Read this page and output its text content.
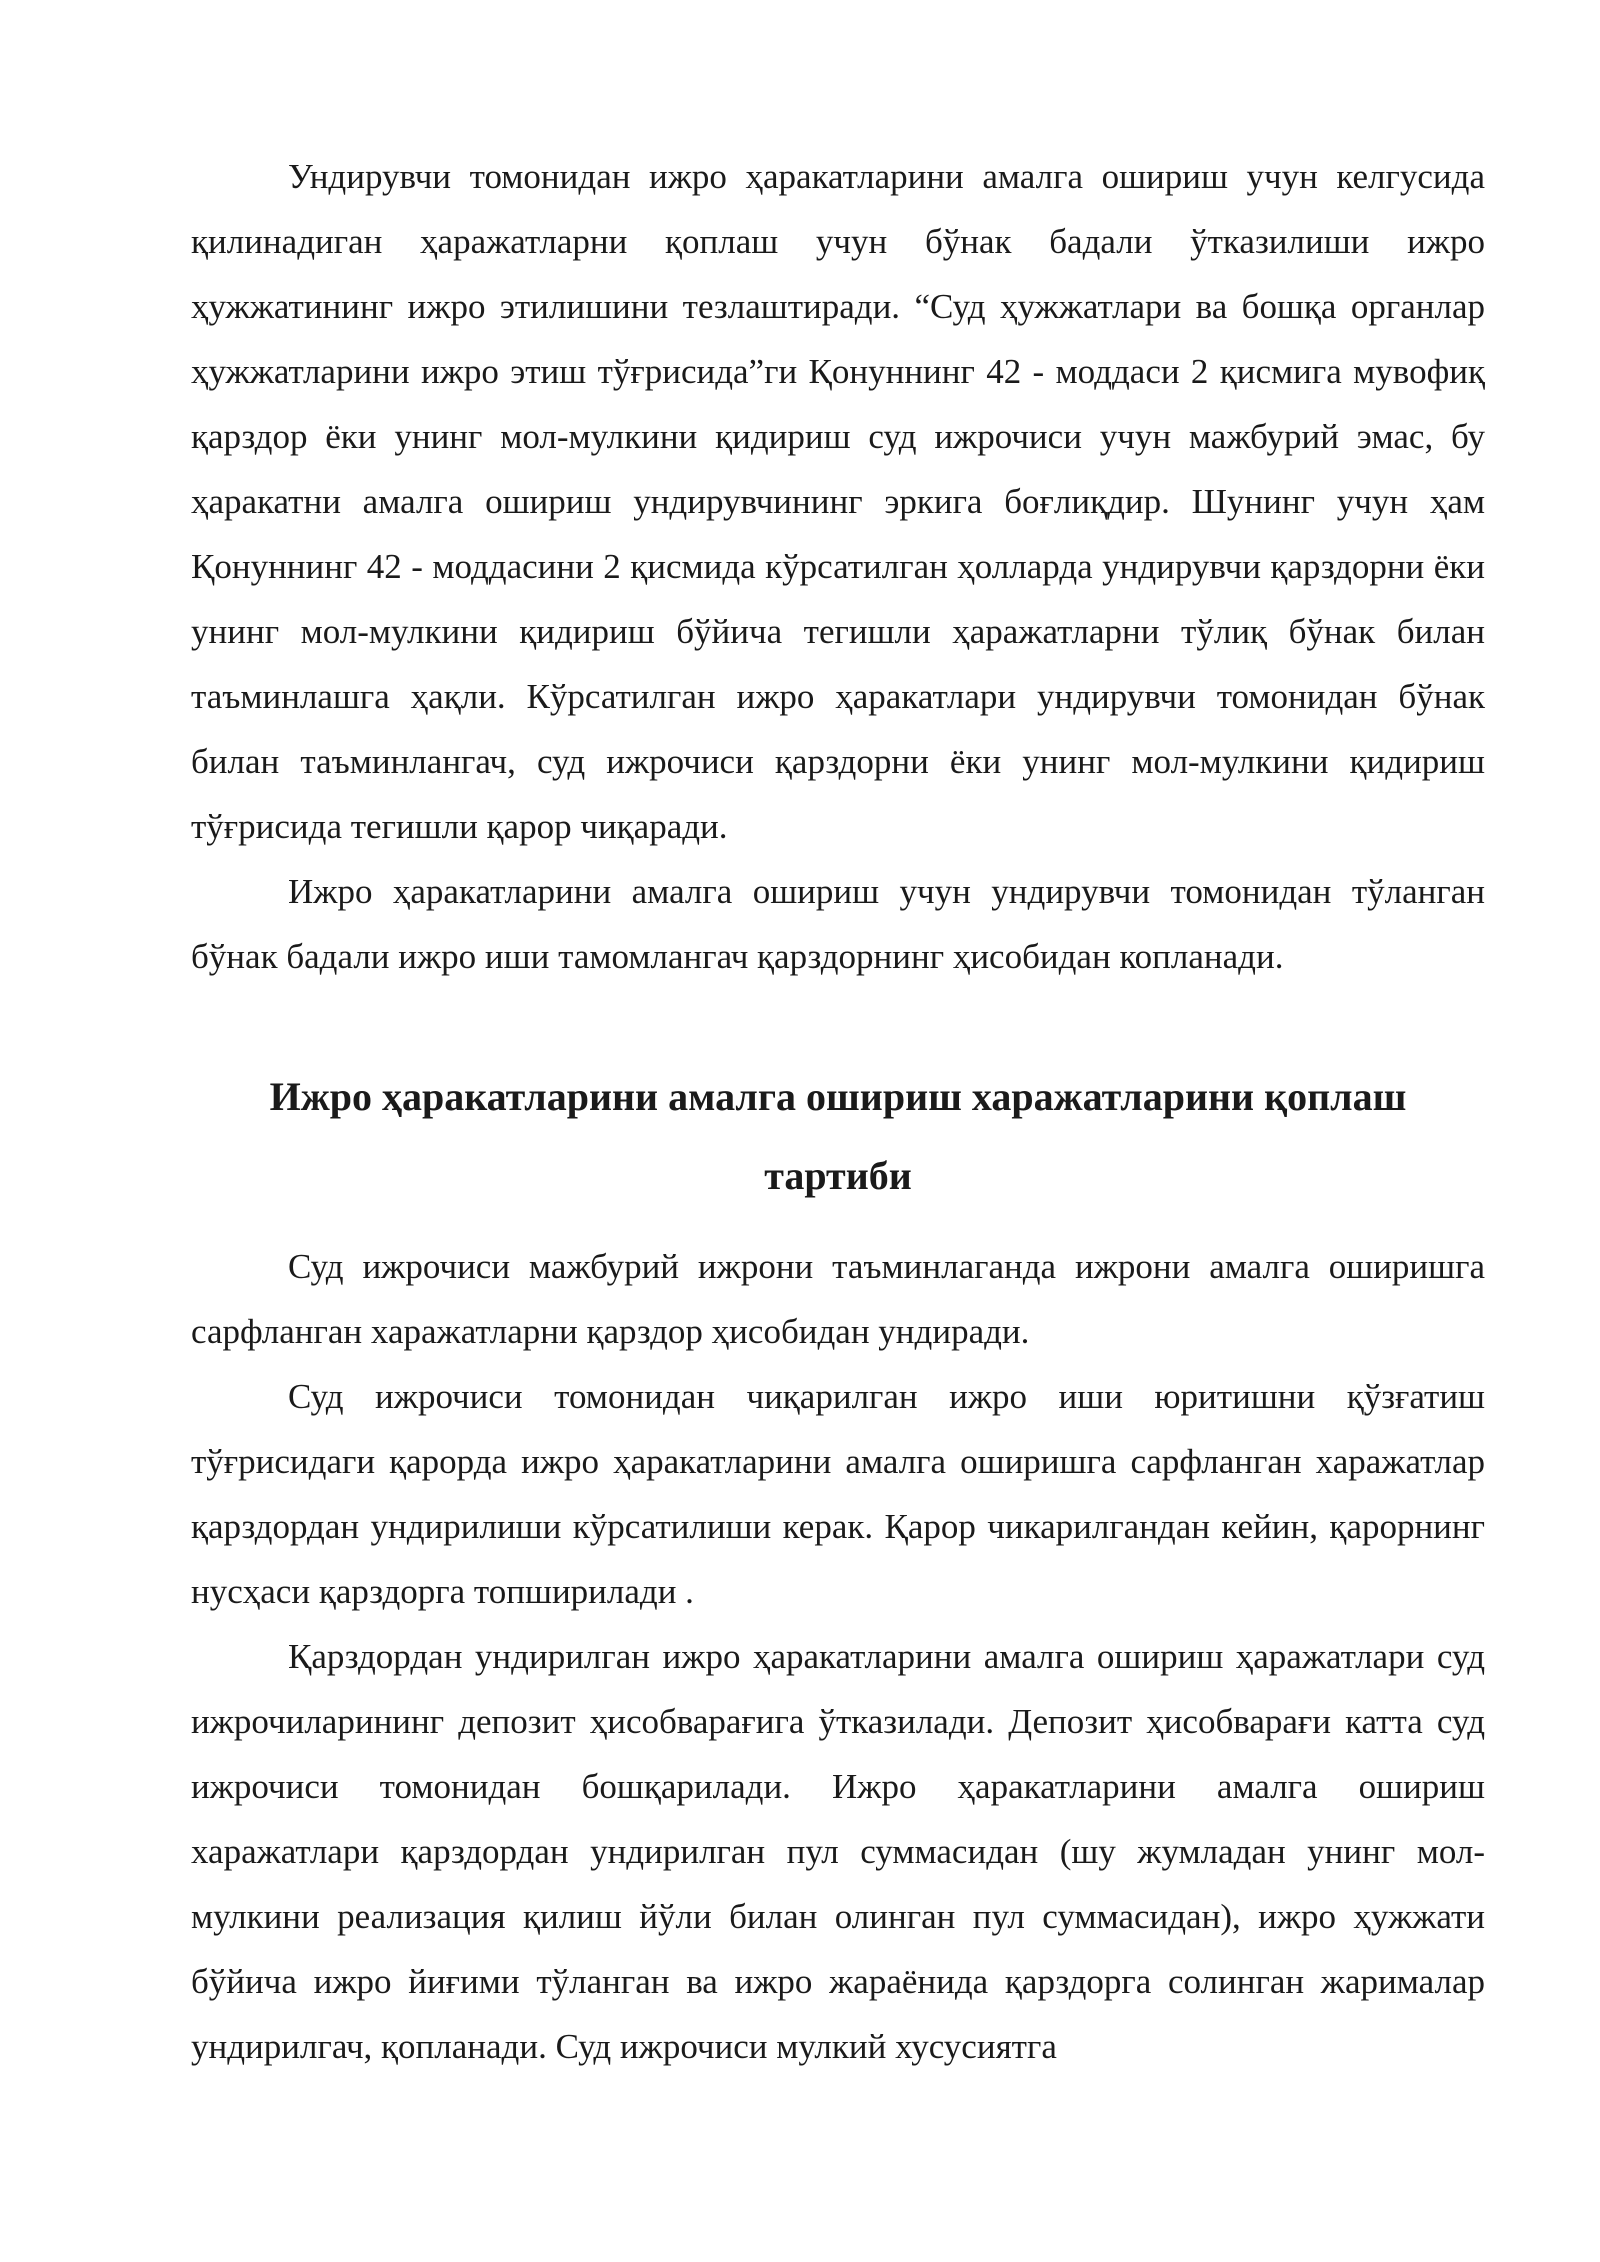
Ундирувчи томонидан ижро ҳаракатларини амалга ошириш учун келгусида қилинадиган ҳаражатларни қоплаш учун бўнак бадали ўтказилиши ижро ҳужжатининг ижро этилишини тезлаштиради. “Суд ҳужжатлари ва бошқа органлар ҳужжатларини ижро этиш тўғрисида”ги Қонуннинг 42 - моддаси 2 қисмига мувофиқ қарздор ёки унинг мол-мулкини қидириш суд ижрочиси учун мажбурий эмас, бу ҳаракатни амалга ошириш ундирувчининг эркига боғлиқдир. Шунинг учун ҳам Қонуннинг 42 - моддасини 2 қисмида кўрсатилган ҳолларда ундирувчи қарздорни ёки унинг мол-мулкини қидириш бўйича тегишли ҳаражатларни тўлиқ бўнак билан таъминлашга ҳақли. Кўрсатилган ижро ҳаракатлари ундирувчи томонидан бўнак билан таъминлангач, суд ижрочиси қарздорни ёки унинг мол-мулкини қидириш тўғрисида тегишли қарор чиқаради.

Ижро ҳаракатларини амалга ошириш учун ундирувчи томонидан тўланган бўнак бадали ижро иши тамомлангач қарздорнинг ҳисобидан копланади.

Ижро ҳаракатларини амалга ошириш харажатларини қоплаш тартиби

Суд ижрочиси мажбурий ижрони таъминлаганда ижрони амалга оширишга сарфланган харажатларни қарздор ҳисобидан ундиради.

Суд ижрочиси томонидан чиқарилган ижро иши юритишни қўзғатиш тўғрисидаги қарорда ижро ҳаракатларини амалга оширишга сарфланган харажатлар қарздордан ундирилиши кўрсатилиши керак. Қарор чикарилгандан кейин, қарорнинг нусҳаси қарздорга топширилади .

Қарздордан ундирилган ижро ҳаракатларини амалга ошириш ҳаражатлари суд ижрочиларининг депозит ҳисобварағига ўтказилади. Депозит ҳисобварағи катта суд ижрочиси томонидан бошқарилади. Ижро ҳаракатларини амалга ошириш харажатлари қарздордан ундирилган пул суммасидан (шу жумладан унинг мол-мулкини реализация қилиш йўли билан олинган пул суммасидан), ижро ҳужжати бўйича ижро йиғими тўланган ва ижро жараёнида қарздорга солинган жарималар ундирилгач, қопланади. Суд ижрочиси мулкий хусусиятга
